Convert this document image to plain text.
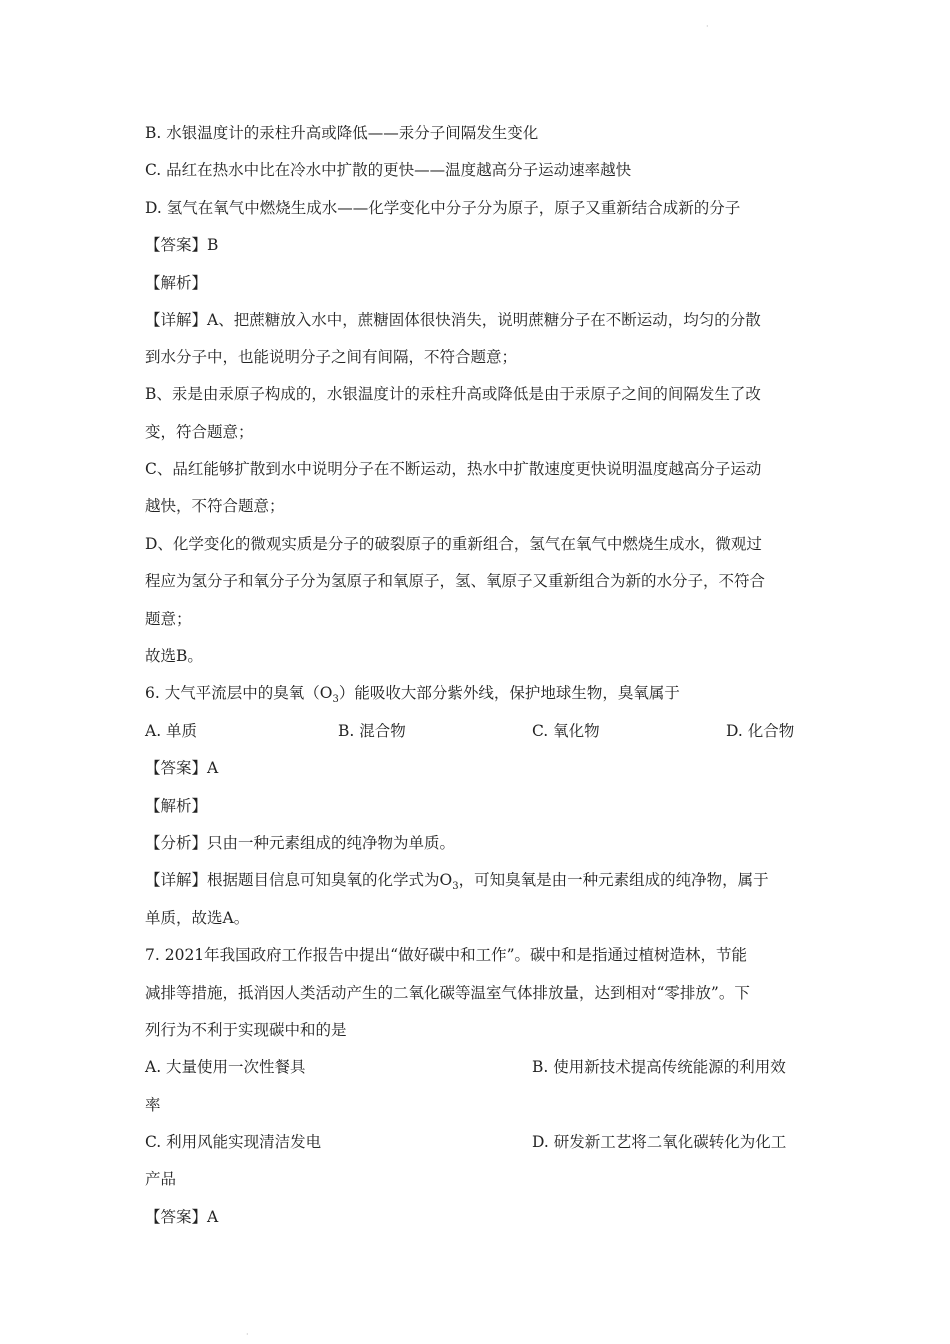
·
·
B. 水银温度计的汞柱升高或降低——汞分子间隔发生变化
C. 品红在热水中比在冷水中扩散的更快——温度越高分子运动速率越快
D. 氢气在氧气中燃烧生成水——化学变化中分子分为原子，原子又重新结合成新的分子
【答案】B
【解析】
【详解】A、把蔗糖放入水中，蔗糖固体很快消失，说明蔗糖分子在不断运动，均匀的分散
到水分子中，也能说明分子之间有间隔，不符合题意；
B、汞是由汞原子构成的，水银温度计的汞柱升高或降低是由于汞原子之间的间隔发生了改
变，符合题意；
C、品红能够扩散到水中说明分子在不断运动，热水中扩散速度更快说明温度越高分子运动
越快，不符合题意；
D、化学变化的微观实质是分子的破裂原子的重新组合，氢气在氧气中燃烧生成水，微观过
程应为氢分子和氧分子分为氢原子和氧原子，氢、氧原子又重新组合为新的水分子，不符合
题意；
故选B。
6. 大气平流层中的臭氧$(O_3)$能吸收大部分紫外线，保护地球生物，臭氧属于
A. 单质	B. 混合物	C. 氧化物	D. 化合物
【答案】A
【解析】
【分析】只由一种元素组成的纯净物为单质。
【详解】根据题目信息可知臭氧的化学式为$O_3$，可知臭氧是由一种元素组成的纯净物，属于
单质，故选A。
7. 2021年我国政府工作报告中提出“做好碳中和工作”。碳中和是指通过植树造林，节能
减排等措施，抵消因人类活动产生的二氧化碳等温室气体排放量，达到相对“零排放”。下
列行为不利于实现碳中和的是
A. 大量使用一次性餐具	B. 使用新技术提高传统能源的利用效
率
C. 利用风能实现清洁发电	D. 研发新工艺将二氧化碳转化为化工
产品
【答案】A
